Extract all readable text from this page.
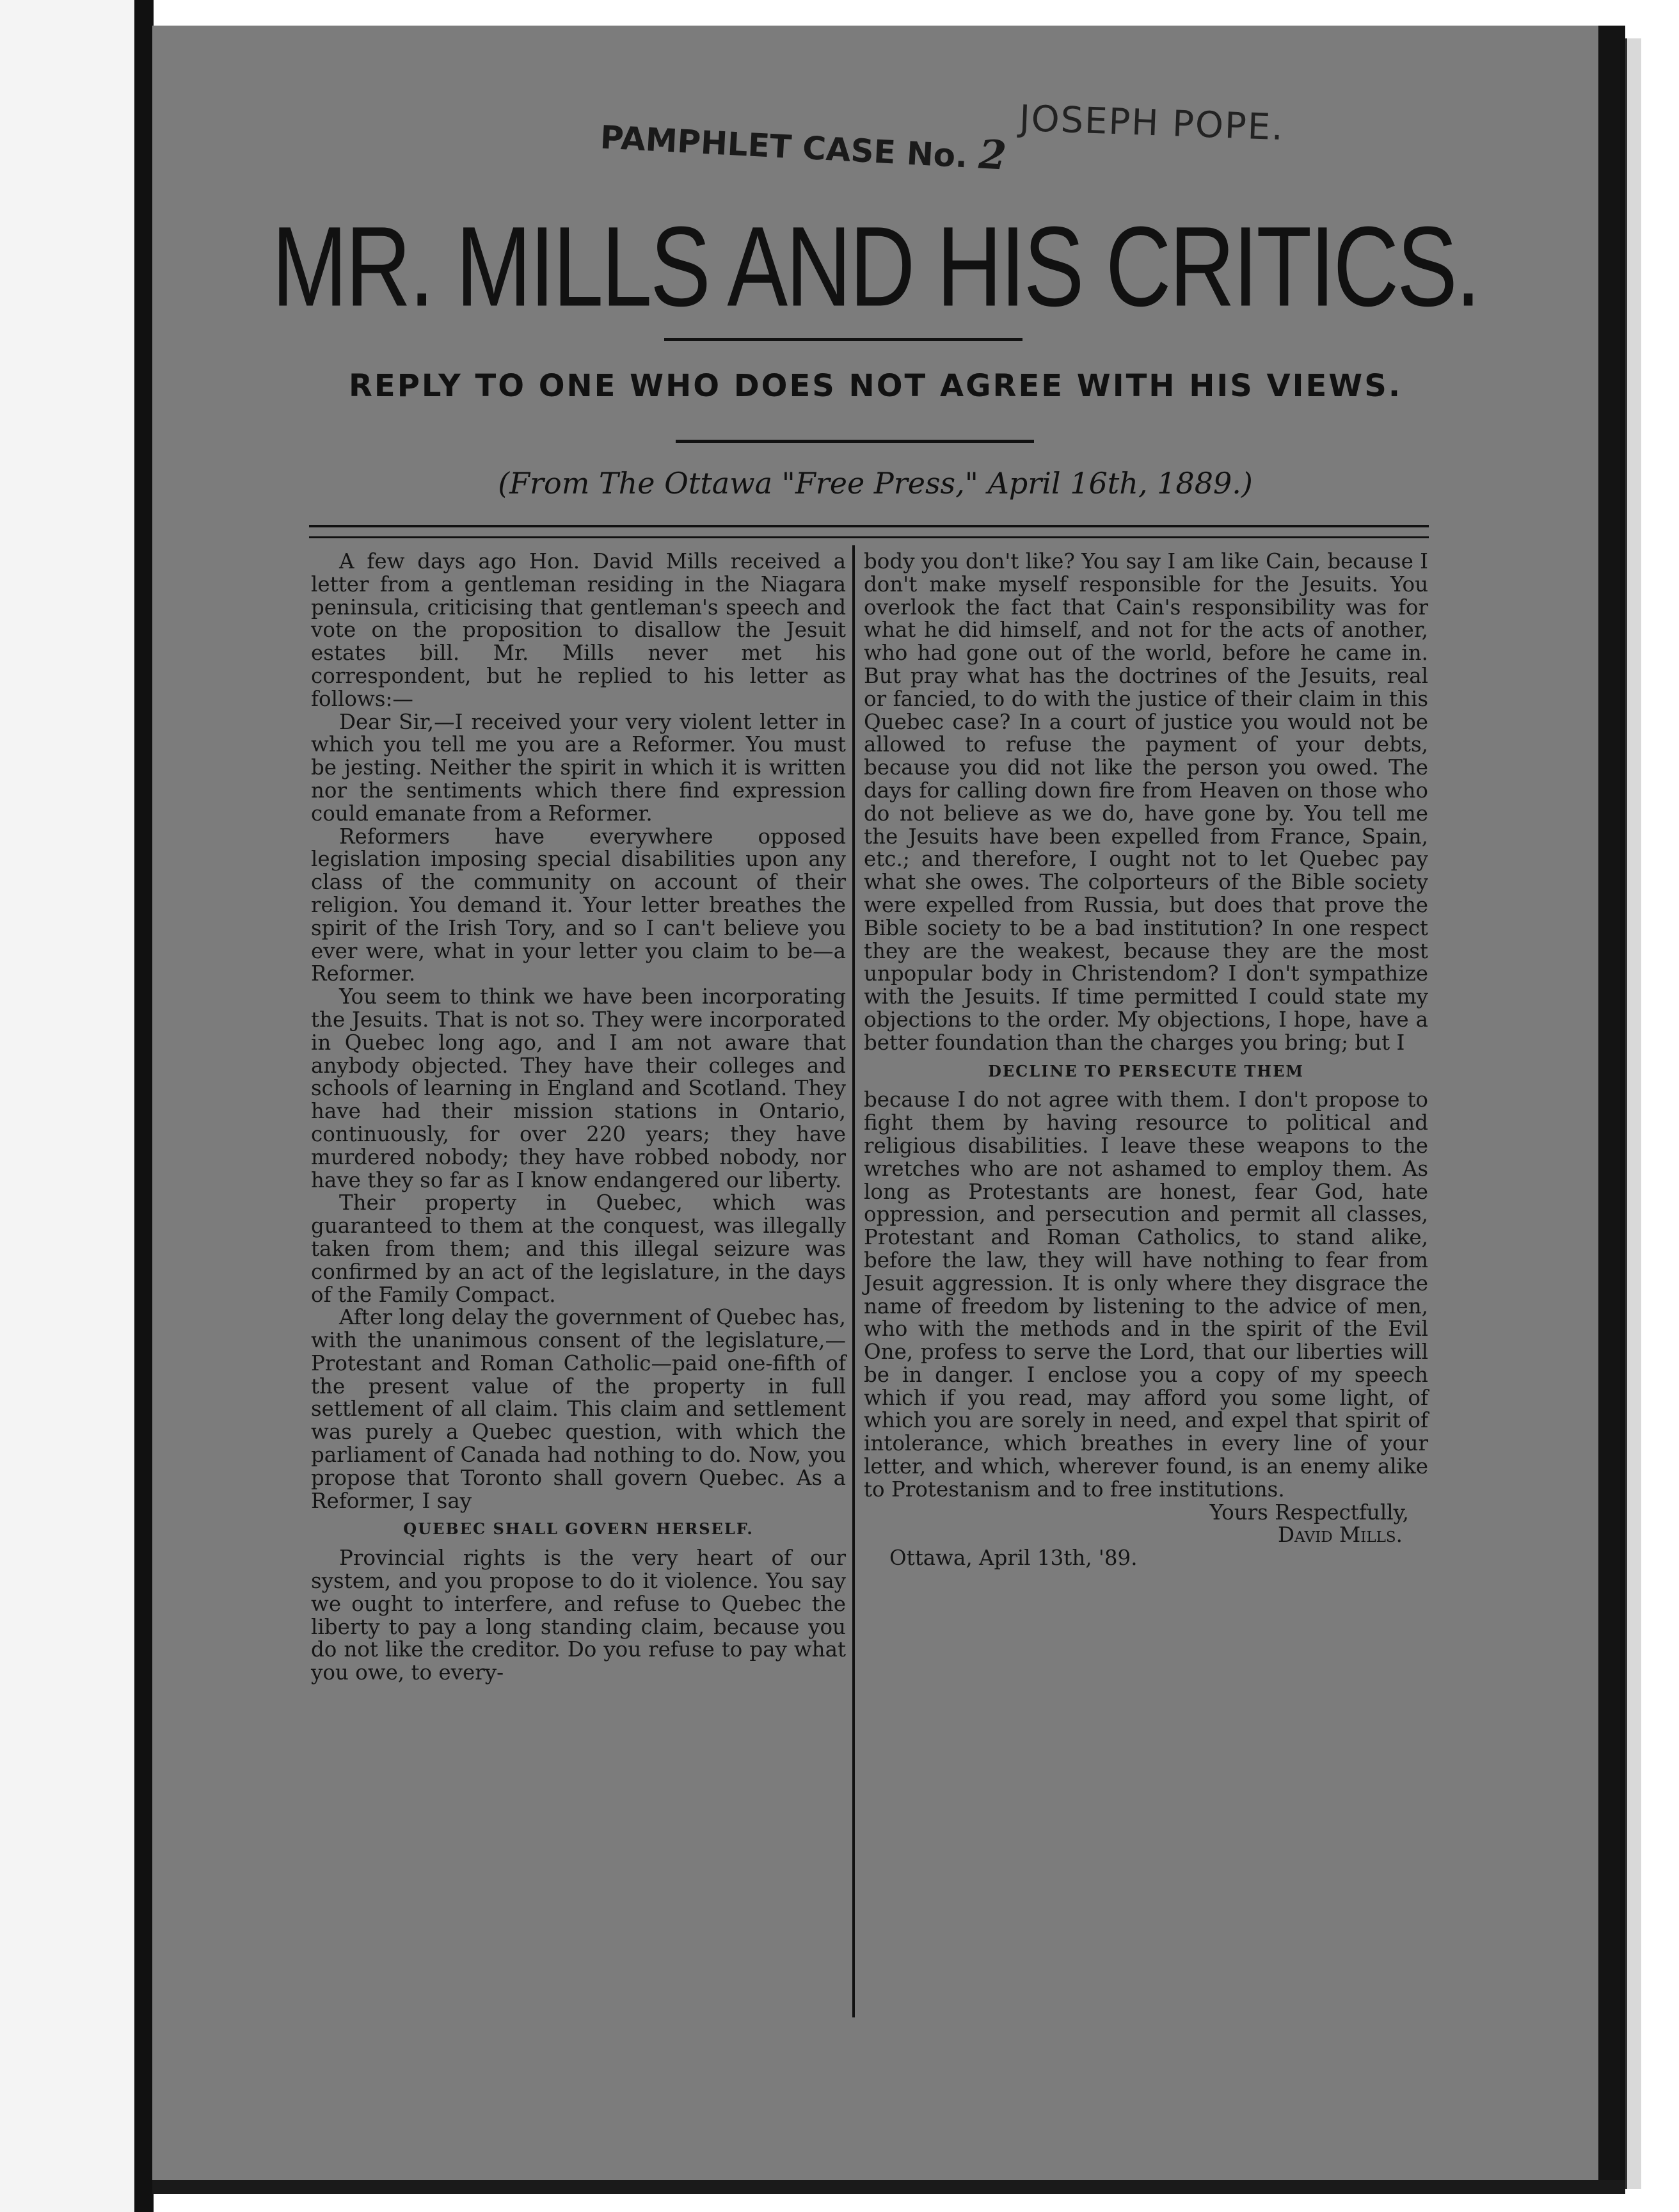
PAMPHLET CASE No. 2
JOSEPH POPE.
MR. MILLS AND HIS CRITICS.
REPLY TO ONE WHO DOES NOT AGREE WITH HIS VIEWS.
(From The Ottawa "Free Press," April 16th, 1889.)

A few days ago Hon. David Mills received a letter from a gentleman residing in the Niagara peninsula, criticising that gentleman's speech and vote on the proposition to disallow the Jesuit estates bill. Mr. Mills never met his correspondent, but he replied to his letter as follows:—

Dear Sir,—I received your very violent letter in which you tell me you are a Reformer. You must be jesting. Neither the spirit in which it is written nor the sentiments which there find expression could emanate from a Reformer.

Reformers have everywhere opposed legislation imposing special disabilities upon any class of the community on account of their religion. You demand it. Your letter breathes the spirit of the Irish Tory, and so I can't believe you ever were, what in your letter you claim to be—a Reformer.

You seem to think we have been incorporating the Jesuits. That is not so. They were incorporated in Quebec long ago, and I am not aware that anybody objected. They have their colleges and schools of learning in England and Scotland. They have had their mission stations in Ontario, continuously, for over 220 years; they have murdered nobody; they have robbed nobody, nor have they so far as I know endangered our liberty.

Their property in Quebec, which was guaranteed to them at the conquest, was illegally taken from them; and this illegal seizure was confirmed by an act of the legislature, in the days of the Family Compact.

After long delay the government of Quebec has, with the unanimous consent of the legislature,—Protestant and Roman Catholic—paid one-fifth of the present value of the property in full settlement of all claim. This claim and settlement was purely a Quebec question, with which the parliament of Canada had nothing to do. Now, you propose that Toronto shall govern Quebec. As a Reformer, I say

QUEBEC SHALL GOVERN HERSELF.

Provincial rights is the very heart of our system, and you propose to do it violence. You say we ought to interfere, and refuse to Quebec the liberty to pay a long standing claim, because you do not like the creditor. Do you refuse to pay what you owe, to every-

body you don't like? You say I am like Cain, because I don't make myself responsible for the Jesuits. You overlook the fact that Cain's responsibility was for what he did himself, and not for the acts of another, who had gone out of the world, before he came in. But pray what has the doctrines of the Jesuits, real or fancied, to do with the justice of their claim in this Quebec case? In a court of justice you would not be allowed to refuse the payment of your debts, because you did not like the person you owed. The days for calling down fire from Heaven on those who do not believe as we do, have gone by. You tell me the Jesuits have been expelled from France, Spain, etc.; and therefore, I ought not to let Quebec pay what she owes. The colporteurs of the Bible society were expelled from Russia, but does that prove the Bible society to be a bad institution? In one respect they are the weakest, because they are the most unpopular body in Christendom? I don't sympathize with the Jesuits. If time permitted I could state my objections to the order. My objections, I hope, have a better foundation than the charges you bring; but I

DECLINE TO PERSECUTE THEM

because I do not agree with them. I don't propose to fight them by having resource to political and religious disabilities. I leave these weapons to the wretches who are not ashamed to employ them. As long as Protestants are honest, fear God, hate oppression, and persecution and permit all classes, Protestant and Roman Catholics, to stand alike, before the law, they will have nothing to fear from Jesuit aggression. It is only where they disgrace the name of freedom by listening to the advice of men, who with the methods and in the spirit of the Evil One, profess to serve the Lord, that our liberties will be in danger. I enclose you a copy of my speech which if you read, may afford you some light, of which you are sorely in need, and expel that spirit of intolerance, which breathes in every line of your letter, and which, wherever found, is an enemy alike to Protestanism and to free institutions.

Yours Respectfully,
David Mills.
Ottawa, April 13th, '89.
